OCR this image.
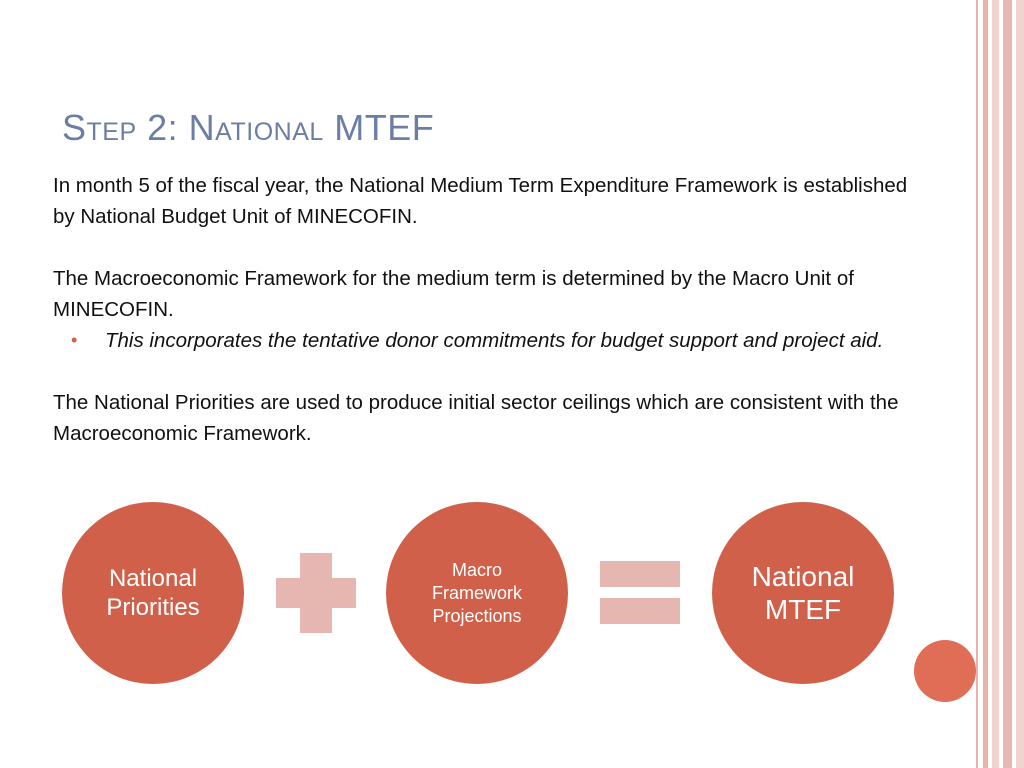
Step 2: National MTEF

In month 5 of the fiscal year, the National Medium Term Expenditure Framework is established by National Budget Unit of MINECOFIN.

The Macroeconomic Framework for the medium term is determined by the Macro Unit of MINECOFIN.

•	This incorporates the tentative donor commitments for budget support and project aid.

The National Priorities are used to produce initial sector ceilings which are consistent with the Macroeconomic Framework.

National Priorities
Macro Framework Projections
National MTEF
